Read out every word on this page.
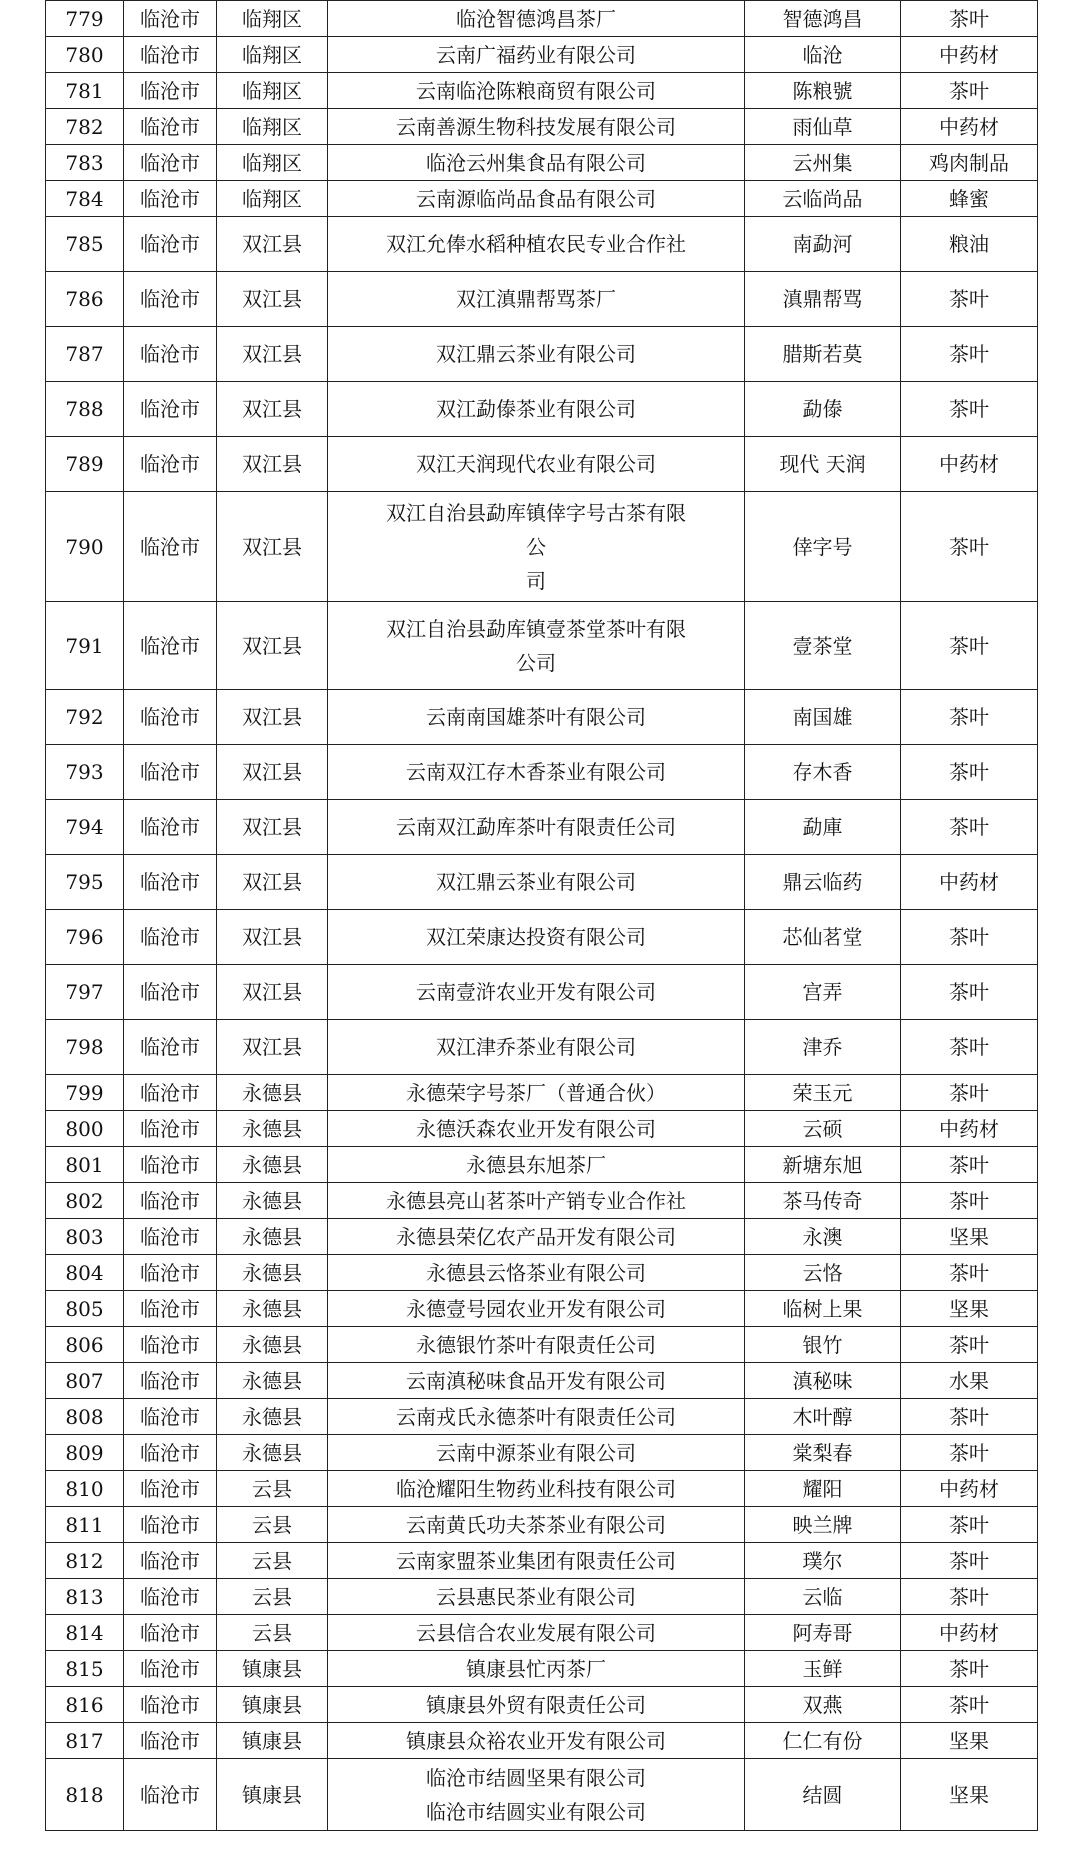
779	临沧市	临翔区	临沧智德鸿昌茶厂	智德鸿昌	茶叶
780	临沧市	临翔区	云南广福药业有限公司	临沧	中药材
781	临沧市	临翔区	云南临沧陈粮商贸有限公司	陈粮號	茶叶
782	临沧市	临翔区	云南善源生物科技发展有限公司	雨仙草	中药材
783	临沧市	临翔区	临沧云州集食品有限公司	云州集	鸡肉制品
784	临沧市	临翔区	云南源临尚品食品有限公司	云临尚品	蜂蜜
785	临沧市	双江县	双江允俸水稻种植农民专业合作社	南勐河	粮油
786	临沧市	双江县	双江滇鼎帮骂茶厂	滇鼎帮骂	茶叶
787	临沧市	双江县	双江鼎云茶业有限公司	腊斯若莫	茶叶
788	临沧市	双江县	双江勐傣茶业有限公司	勐傣	茶叶
789	临沧市	双江县	双江天润现代农业有限公司	现代 天润	中药材
790	临沧市	双江县	双江自治县勐库镇倖字号古茶有限
公
司	倖字号	茶叶
791	临沧市	双江县	双江自治县勐库镇壹茶堂茶叶有限
公司	壹茶堂	茶叶
792	临沧市	双江县	云南南国雄茶叶有限公司	南国雄	茶叶
793	临沧市	双江县	云南双江存木香茶业有限公司	存木香	茶叶
794	临沧市	双江县	云南双江勐库茶叶有限责任公司	勐庫	茶叶
795	临沧市	双江县	双江鼎云茶业有限公司	鼎云临药	中药材
796	临沧市	双江县	双江荣康达投资有限公司	芯仙茗堂	茶叶
797	临沧市	双江县	云南壹浒农业开发有限公司	宫弄	茶叶
798	临沧市	双江县	双江津乔茶业有限公司	津乔	茶叶
799	临沧市	永德县	永德荣字号茶厂（普通合伙）	荣玉元	茶叶
800	临沧市	永德县	永德沃森农业开发有限公司	云硕	中药材
801	临沧市	永德县	永德县东旭茶厂	新塘东旭	茶叶
802	临沧市	永德县	永德县亮山茗茶叶产销专业合作社	茶马传奇	茶叶
803	临沧市	永德县	永德县荣亿农产品开发有限公司	永澳	坚果
804	临沧市	永德县	永德县云恪茶业有限公司	云恪	茶叶
805	临沧市	永德县	永德壹号园农业开发有限公司	临树上果	坚果
806	临沧市	永德县	永德银竹茶叶有限责任公司	银竹	茶叶
807	临沧市	永德县	云南滇秘味食品开发有限公司	滇秘味	水果
808	临沧市	永德县	云南戎氏永德茶叶有限责任公司	木叶醇	茶叶
809	临沧市	永德县	云南中源茶业有限公司	棠梨春	茶叶
810	临沧市	云县	临沧耀阳生物药业科技有限公司	耀阳	中药材
811	临沧市	云县	云南黄氏功夫茶茶业有限公司	映兰牌	茶叶
812	临沧市	云县	云南家盟茶业集团有限责任公司	璞尔	茶叶
813	临沧市	云县	云县惠民茶业有限公司	云临	茶叶
814	临沧市	云县	云县信合农业发展有限公司	阿寿哥	中药材
815	临沧市	镇康县	镇康县忙丙茶厂	玉鲜	茶叶
816	临沧市	镇康县	镇康县外贸有限责任公司	双燕	茶叶
817	临沧市	镇康县	镇康县众裕农业开发有限公司	仁仁有份	坚果
818	临沧市	镇康县	临沧市结圆坚果有限公司
临沧市结圆实业有限公司	结圆	坚果
